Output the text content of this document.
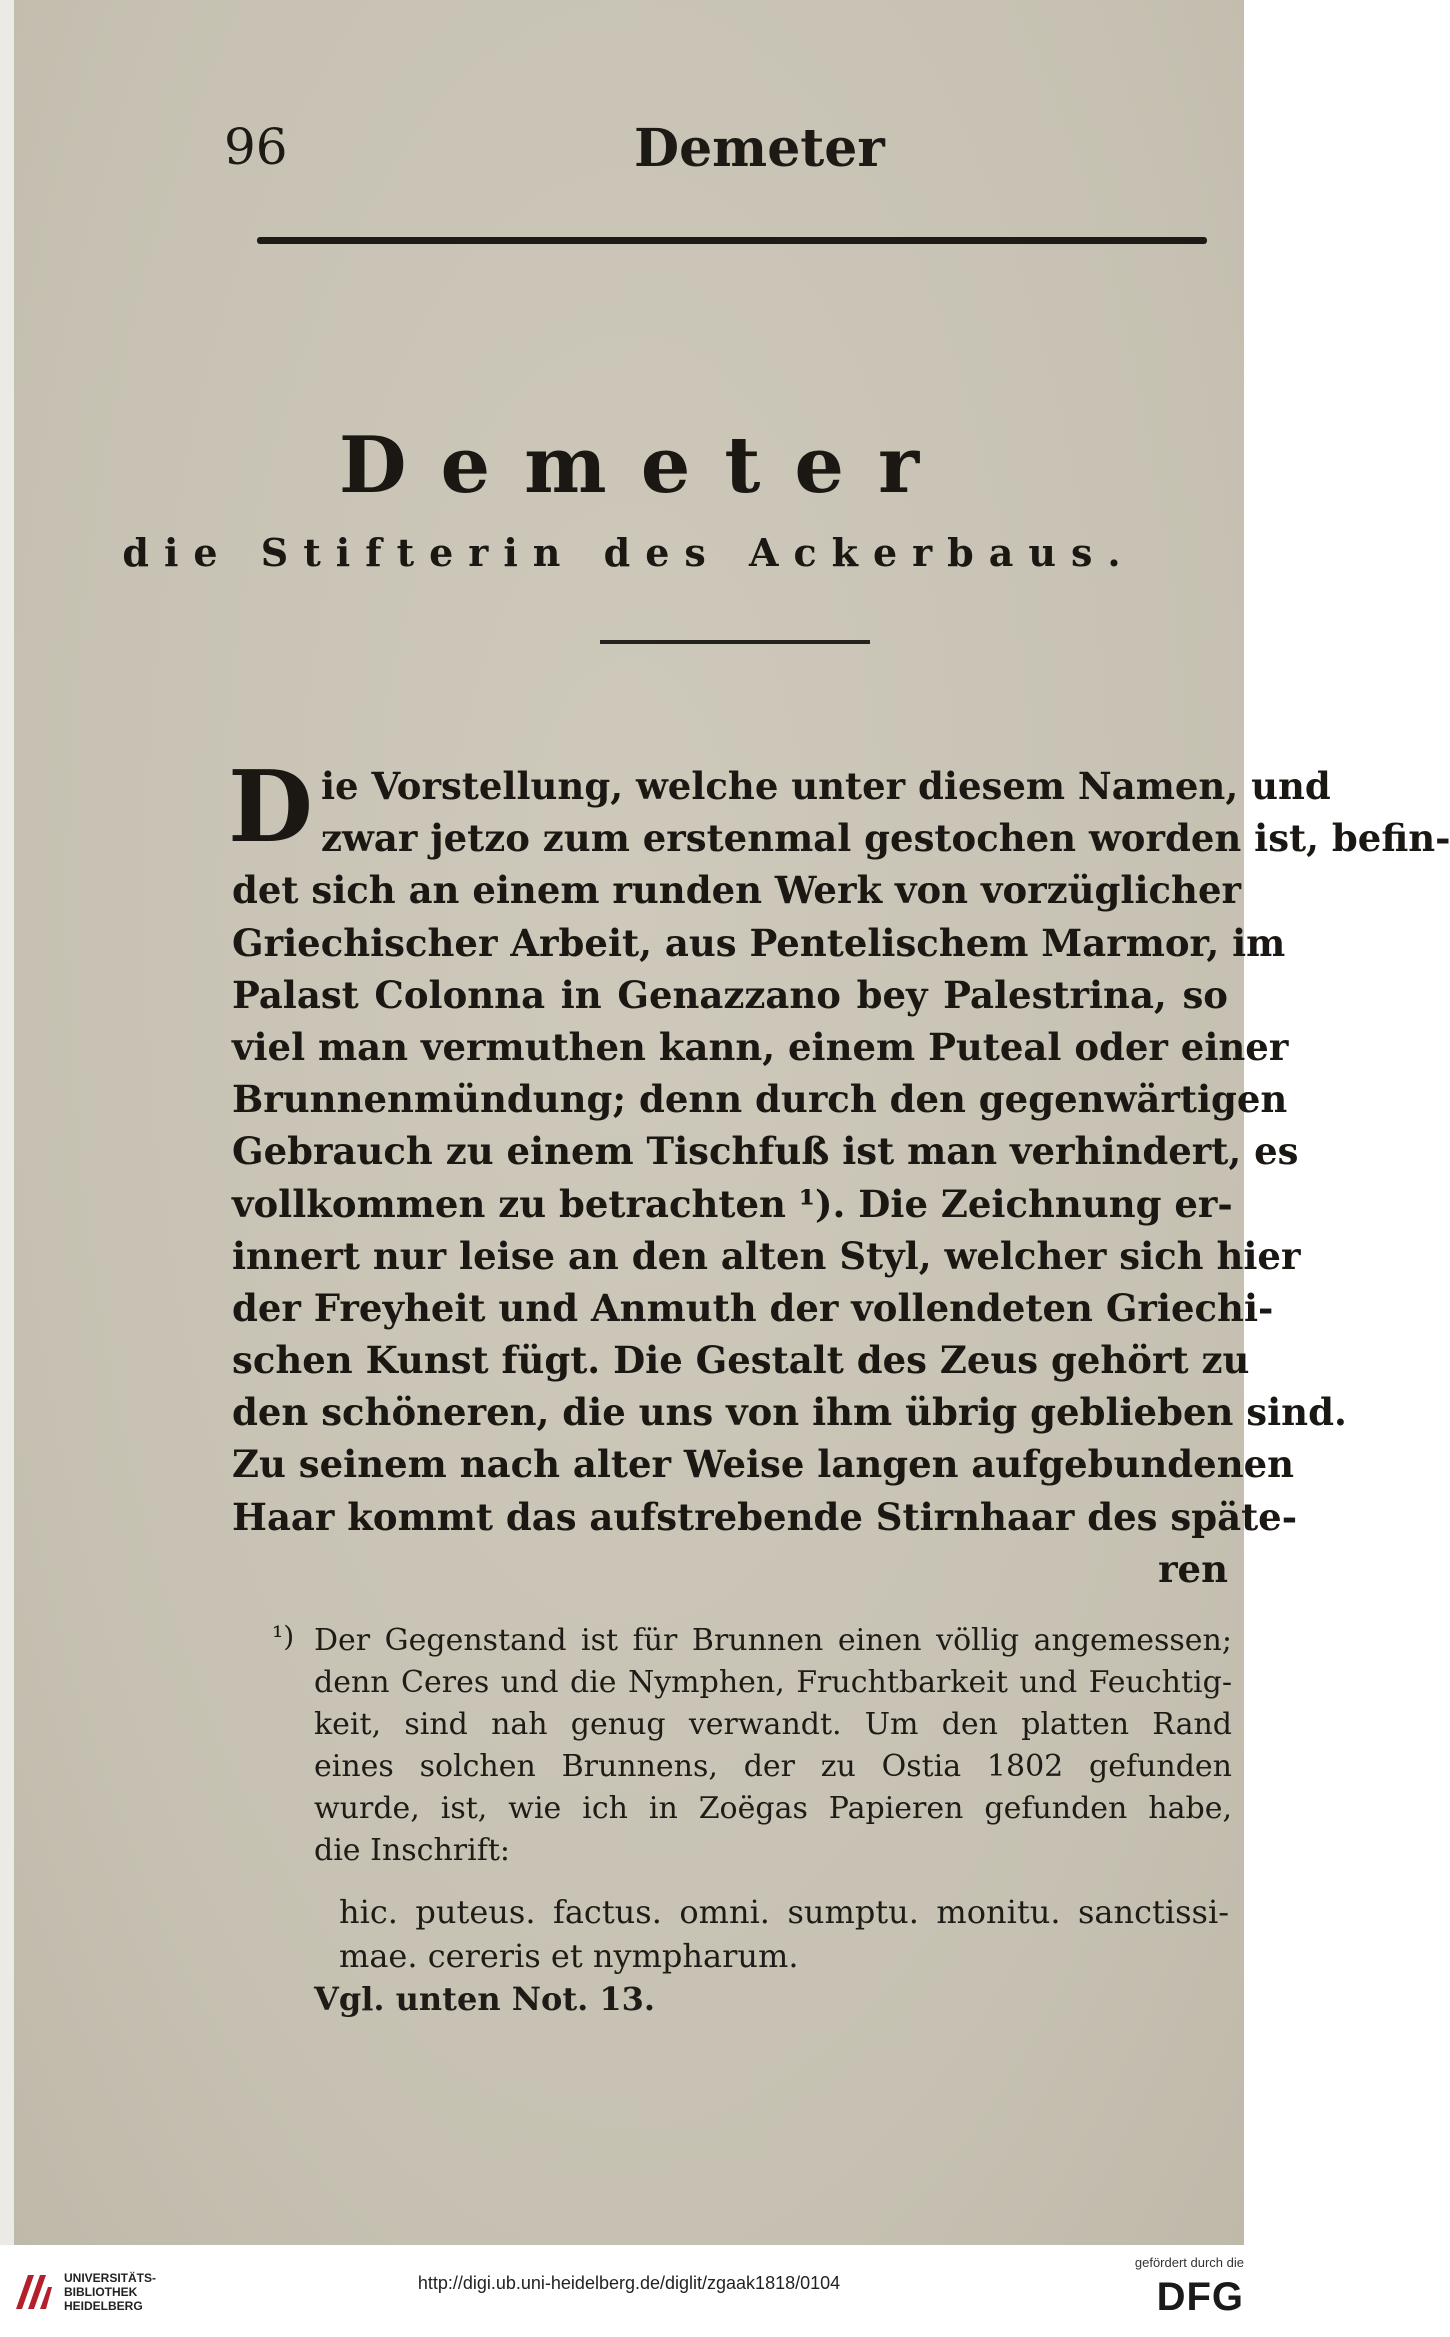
96	Demeter
Demeter
die Stifterin des Ackerbaus.
D ie Vorstellung, welche unter diesem Namen, und
zwar jetzo zum erstenmal gestochen worden ist, befin-
det sich an einem runden Werk von vorzüglicher
Griechischer Arbeit, aus Pentelischem Marmor, im
Palast Colonna in Genazzano bey Palestrina, so
viel man vermuthen kann, einem Puteal oder einer
Brunnenmündung; denn durch den gegenwärtigen
Gebrauch zu einem Tischfuß ist man verhindert, es
vollkommen zu betrachten ¹). Die Zeichnung er-
innert nur leise an den alten Styl, welcher sich hier
der Freyheit und Anmuth der vollendeten Griechi-
schen Kunst fügt. Die Gestalt des Zeus gehört zu
den schöneren, die uns von ihm übrig geblieben sind.
Zu seinem nach alter Weise langen aufgebundenen
Haar kommt das aufstrebende Stirnhaar des späte-
ren
¹) Der Gegenstand ist für Brunnen einen völlig angemessen;
denn Ceres und die Nymphen, Fruchtbarkeit und Feuchtig-
keit, sind nah genug verwandt. Um den platten Rand
eines solchen Brunnens, der zu Ostia 1802 gefunden
wurde, ist, wie ich in Zoëgas Papieren gefunden habe,
die Inschrift:
hic. puteus. factus. omni. sumptu. monitu. sanctissi-
mae. cereris et nympharum.
Vgl. unten Not. 13.
UNIVERSITÄTS-
BIBLIOTHEK
HEIDELBERG
http://digi.ub.uni-heidelberg.de/diglit/zgaak1818/0104
gefördert durch die
DFG
